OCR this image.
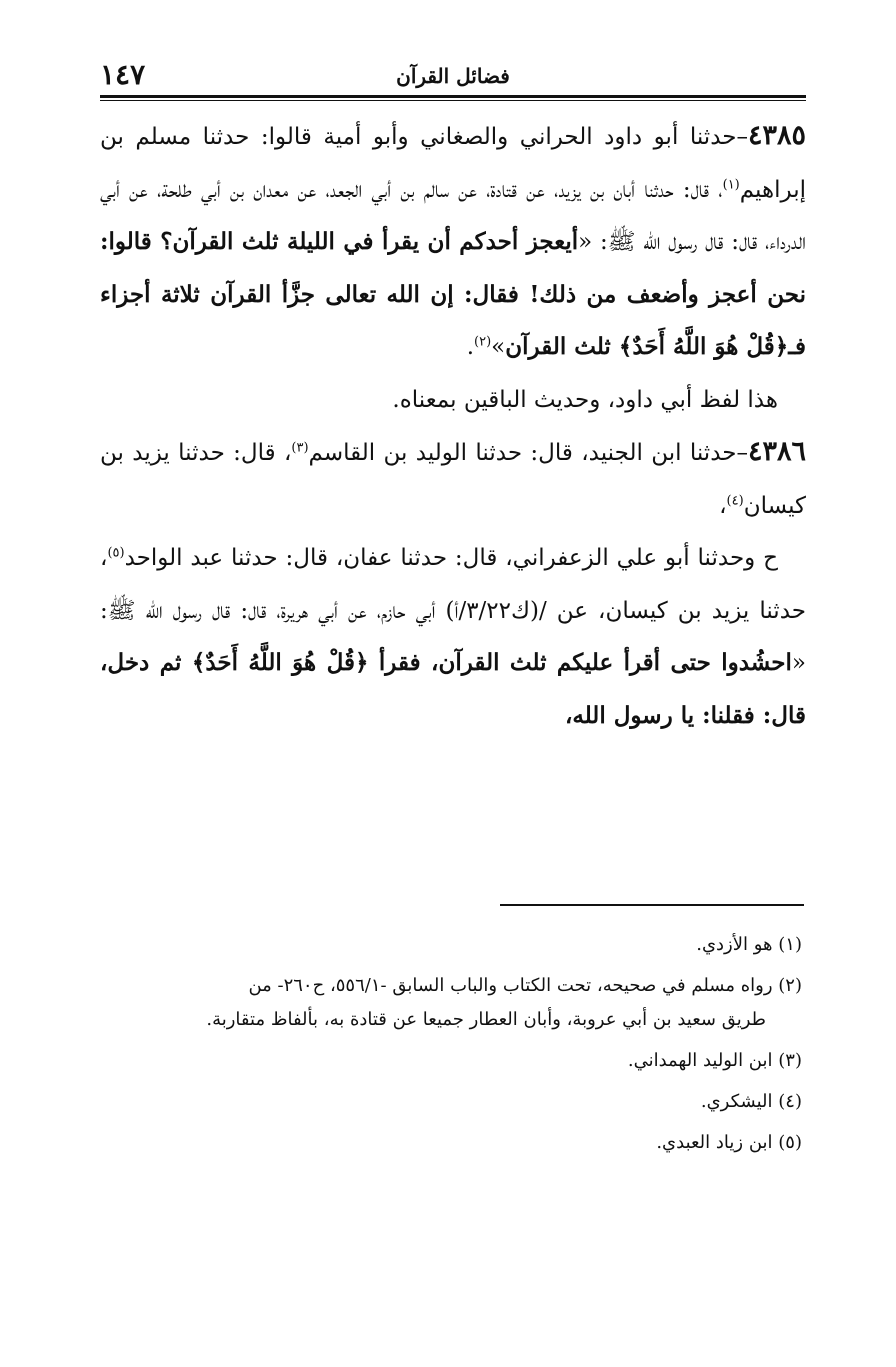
فضائل القرآن
١٤٧

٤٣٨٥–حدثنا أبو داود الحراني والصغاني وأبو أمية قالوا: حدثنا مسلم بن إبراهيم$^{(١)}$، قال: حدثنا أبان بن يزيد، عن قتادة، عن سالم بن أبي الجعد، عن معدان بن أبي طلحة، عن أبي الدرداء، قال: قال رسول الله ﷺ: «أيعجز أحدكم أن يقرأ في الليلة ثلث القرآن؟ قالوا: نحن أعجز وأضعف من ذلك! فقال: إن الله تعالى جزَّأ القرآن ثلاثة أجزاء فـ﴿قُلْ هُوَ اللَّهُ أَحَدٌ﴾ ثلث القرآن»$^{(٢)}$.

هذا لفظ أبي داود، وحديث الباقين بمعناه.

٤٣٨٦–حدثنا ابن الجنيد، قال: حدثنا الوليد بن القاسم$^{(٣)}$، قال: حدثنا يزيد بن كيسان$^{(٤)}$،

ح وحدثنا أبو علي الزعفراني، قال: حدثنا عفان، قال: حدثنا عبد الواحد$^{(٥)}$، حدثنا يزيد بن كيسان، عن /(ك٣/٢٢/أ) أبي حازم، عن أبي هريرة، قال: قال رسول الله ﷺ: «احشُدوا حتى أقرأ عليكم ثلث القرآن، فقرأ ﴿قُلْ هُوَ اللَّهُ أَحَدٌ﴾ ثم دخل، قال: فقلنا: يا رسول الله،

(١) هو الأزدي.

(٢) رواه مسلم في صحيحه، تحت الكتاب والباب السابق -٥٥٦/١، ح٢٦٠- من
طريق سعيد بن أبي عروبة، وأبان العطار جميعا عن قتادة به، بألفاظ متقاربة.

(٣) ابن الوليد الهمداني.

(٤) اليشكري.

(٥) ابن زياد العبدي.
